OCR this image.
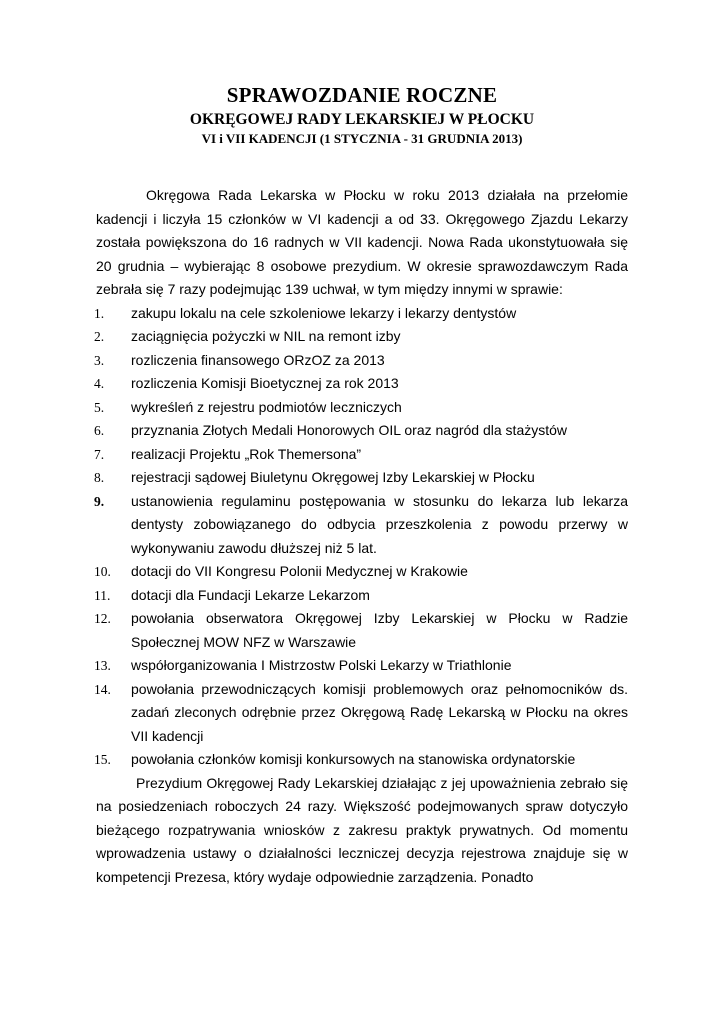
SPRAWOZDANIE ROCZNE

OKRĘGOWEJ RADY LEKARSKIEJ W PŁOCKU

VI i VII KADENCJI (1 STYCZNIA - 31 GRUDNIA 2013)

Okręgowa Rada Lekarska w Płocku w roku 2013 działała na przełomie kadencji i liczyła 15 członków w VI kadencji a od 33. Okręgowego Zjazdu Lekarzy została powiększona do 16 radnych w VII kadencji. Nowa Rada ukonstytuowała się 20 grudnia – wybierając 8 osobowe prezydium. W okresie sprawozdawczym Rada zebrała się 7 razy podejmując 139 uchwał, w tym między innymi w sprawie:

1. zakupu lokalu na cele szkoleniowe lekarzy i lekarzy dentystów
2. zaciągnięcia pożyczki w NIL na remont izby
3. rozliczenia finansowego ORzOZ za 2013
4. rozliczenia Komisji Bioetycznej za rok 2013
5. wykreśleń z rejestru podmiotów leczniczych
6. przyznania Złotych Medali Honorowych OIL oraz nagród dla stażystów
7. realizacji Projektu „Rok Themersona”
8. rejestracji sądowej Biuletynu Okręgowej Izby Lekarskiej w Płocku
9. ustanowienia regulaminu postępowania w stosunku do lekarza lub lekarza dentysty zobowiązanego do odbycia przeszkolenia z powodu przerwy w wykonywaniu zawodu dłuższej niż 5 lat.
10. dotacji do VII Kongresu Polonii Medycznej w Krakowie
11. dotacji dla Fundacji Lekarze Lekarzom
12. powołania obserwatora Okręgowej Izby Lekarskiej w Płocku w Radzie Społecznej MOW NFZ w Warszawie
13. współorganizowania I Mistrzostw Polski Lekarzy w Triathlonie
14. powołania przewodniczących komisji problemowych oraz pełnomocników ds. zadań zleconych odrębnie przez Okręgową Radę Lekarską w Płocku na okres VII kadencji
15. powołania członków komisji konkursowych na stanowiska ordynatorskie

Prezydium Okręgowej Rady Lekarskiej działając z jej upoważnienia zebrało się na posiedzeniach roboczych 24 razy. Większość podejmowanych spraw dotyczyło bieżącego rozpatrywania wniosków z zakresu praktyk prywatnych. Od momentu wprowadzenia ustawy o działalności leczniczej decyzja rejestrowa znajduje się w kompetencji Prezesa, który wydaje odpowiednie zarządzenia. Ponadto
